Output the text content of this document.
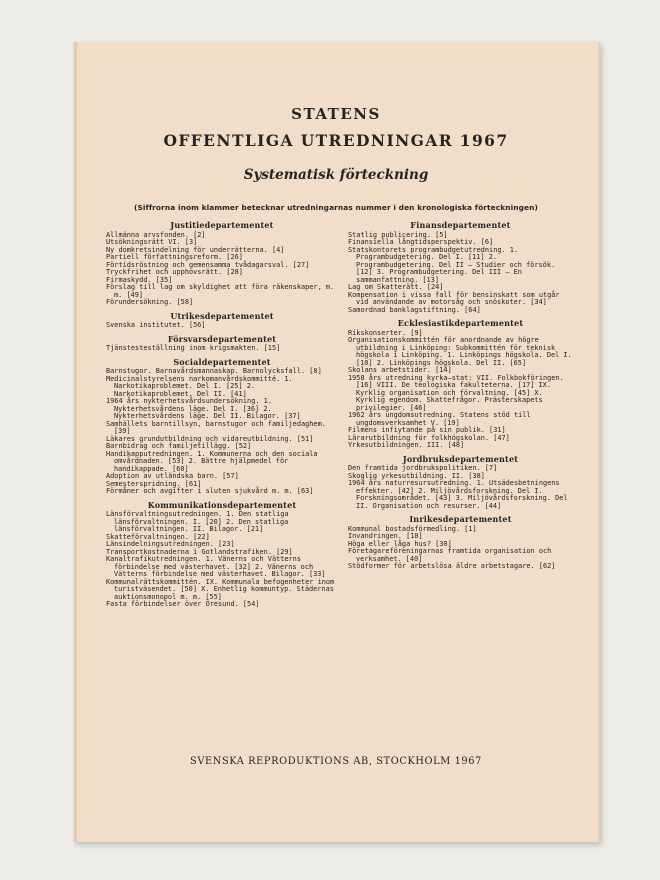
STATENS
OFFENTLIGA UTREDNINGAR 1967
Systematisk förteckning
(Siffrorna inom klammer betecknar utredningarnas nummer i den kronologiska förteckningen)
Justitiedepartementet
Allmänna arvsfonden. [2]
Utsökningsrätt VI. [3]
Ny domkretsindelning för underrätterna. [4]
Partiell författningsreform. [26]
Förtidsröstning och gemensamma tvådagarsval. [27]
Tryckfrihet och upphovsrätt. [28]
Firmaskydd. [35]
Förslag till lag om skyldighet att föra räkenskaper, m. m. [49]
Förundersökning. [58]
Utrikesdepartementet
Svenska institutet. [56]
Försvarsdepartementet
Tjänstesteställning inom krigsmakten. [15]
Socialdepartementet
Barnstugor. Barnavårdsmannaskap. Barnolycksfall. [8]
Medicinalstyrelsens narkomanvårdskommitté. 1. Narkotikaproblemet. Del I. [25] 2. Narkotikaproblemet. Del II. [41]
1964 års nykterhetsvårdsundersökning. 1. Nykterhetsvårdens läge. Del I. [36] 2. Nykterhetsvårdens läge. Del II. Bilagor. [37]
Samhällets barntillsyn, barnstugor och familjedaghem. [39]
Läkares grundutbildning och vidareutbildning. [51]
Barnbidrag och familjetillägg. [52]
Handikapputredningen. 1. Kommunerna och den sociala omvårdnaden. [53] 2. Bättre hjälpmedel för handikappade. [60]
Adoption av utländska barn. [57]
Semesterspridning. [61]
Förmåner och avgifter i sluten sjukvård m. m. [63]
Kommunikationsdepartementet
Länsförvaltningsutredningen. 1. Den statliga länsförvaltningen. I. [20] 2. Den statliga länsförvaltningen. II. Bilagor. [21]
Skatteförvaltningen. [22]
Länsindelningsutredningen. [23]
Transportkostnaderna i Gotlandstrafiken. [29]
Kanaltrafikutredningen. 1. Vänerns och Vätterns förbindelse med västerhavet. [32] 2. Vänerns och Vätterns förbindelse med västerhavet. Bilagor. [33]
Kommunalrättskommittén. IX. Kommunala befogenheter inom turistväsendet. [50] X. Enhetlig kommuntyp. Städernas auktionsmonopol m. m. [55]
Fasta förbindelser över Öresund. [54]
Finansdepartementet
Statlig publicering. [5]
Finansiella långtidsperspektiv. [6]
Statskontorets programbudgetutredning. 1. Programbudgetering. Del I. [11] 2. Programbudgetering. Del II — Studier och försök. [12] 3. Programbudgetering. Del III — En sammanfattning. [13]
Lag om Skatterätt. [24]
Kompensation i vissa fall för bensinskatt som utgår vid användande av motorsåg och snöskoter. [34]
Samordnad banklagstiftning. [64]
Ecklesiastikdepartementet
Rikskonserter. [9]
Organisationskommittén för anordnande av högre utbildning i Linköping: Subkommittén för teknisk högskola i Linköping. 1. Linköpings högskola. Del I. [10] 2. Linköpings högskola. Del II. [65]
Skolans arbetstider. [14]
1958 års utredning kyrka—stat: VII. Folkbokföringen. [16] VIII. De teologiska fakulteterna. [17] IX. Kyrklig organisation och förvaltning. [45] X. Kyrklig egendom. Skattefrågor. Prästerskapets privilegier. [46]
1962 års ungdomsutredning. Statens stöd till ungdomsverksamhet V. [19]
Filmens infiytande på sin publik. [31]
Lärarutbildning för folkhögskolan. [47]
Yrkesutbildningen. III. [48]
Jordbruksdepartementet
Den framtida jordbrukspolitiken. [7]
Skoglig yrkesutbildning. II. [38]
1964 års naturresursutredning. 1. Utsädesbetningens effekter. [42] 2. Miljövårdsforskning. Del I. Forskningsområdet. [43] 3. Miljövårdsforskning. Del II. Organisation och resurser. [44]
Inrikesdepartementet
Kommunal bostadsförmedling. [1]
Invandringen. [18]
Höga eller låga hus? [30]
Företagareföreningarnas framtida organisation och verksamhet. [40]
Stödformer för arbetslösa äldre arbetstagare. [62]
SVENSKA REPRODUKTIONS AB, STOCKHOLM 1967
